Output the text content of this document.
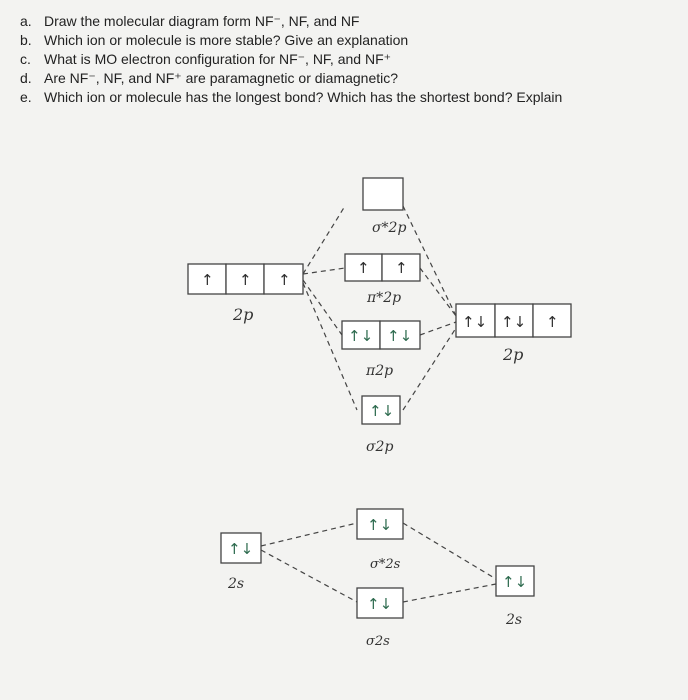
a. Draw the molecular diagram form NF⁻, NF, and NF
b. Which ion or molecule is more stable? Give an explanation
c. What is MO electron configuration for NF⁻, NF, and NF⁺
d. Are NF⁻, NF, and NF⁺ are paramagnetic or diamagnetic?
e. Which ion or molecule has the longest bond? Which has the shortest bond? Explain
σ*2p
↑ ↑
π*2p
↑↓ ↑↓
π2p
↑↓
σ2p
↑↓
σ*2s
↑↓
σ2s
↑ ↑ ↑
2p
↑↓
2s
↑↓ ↑↓ ↑
2p
↑↓
2s
